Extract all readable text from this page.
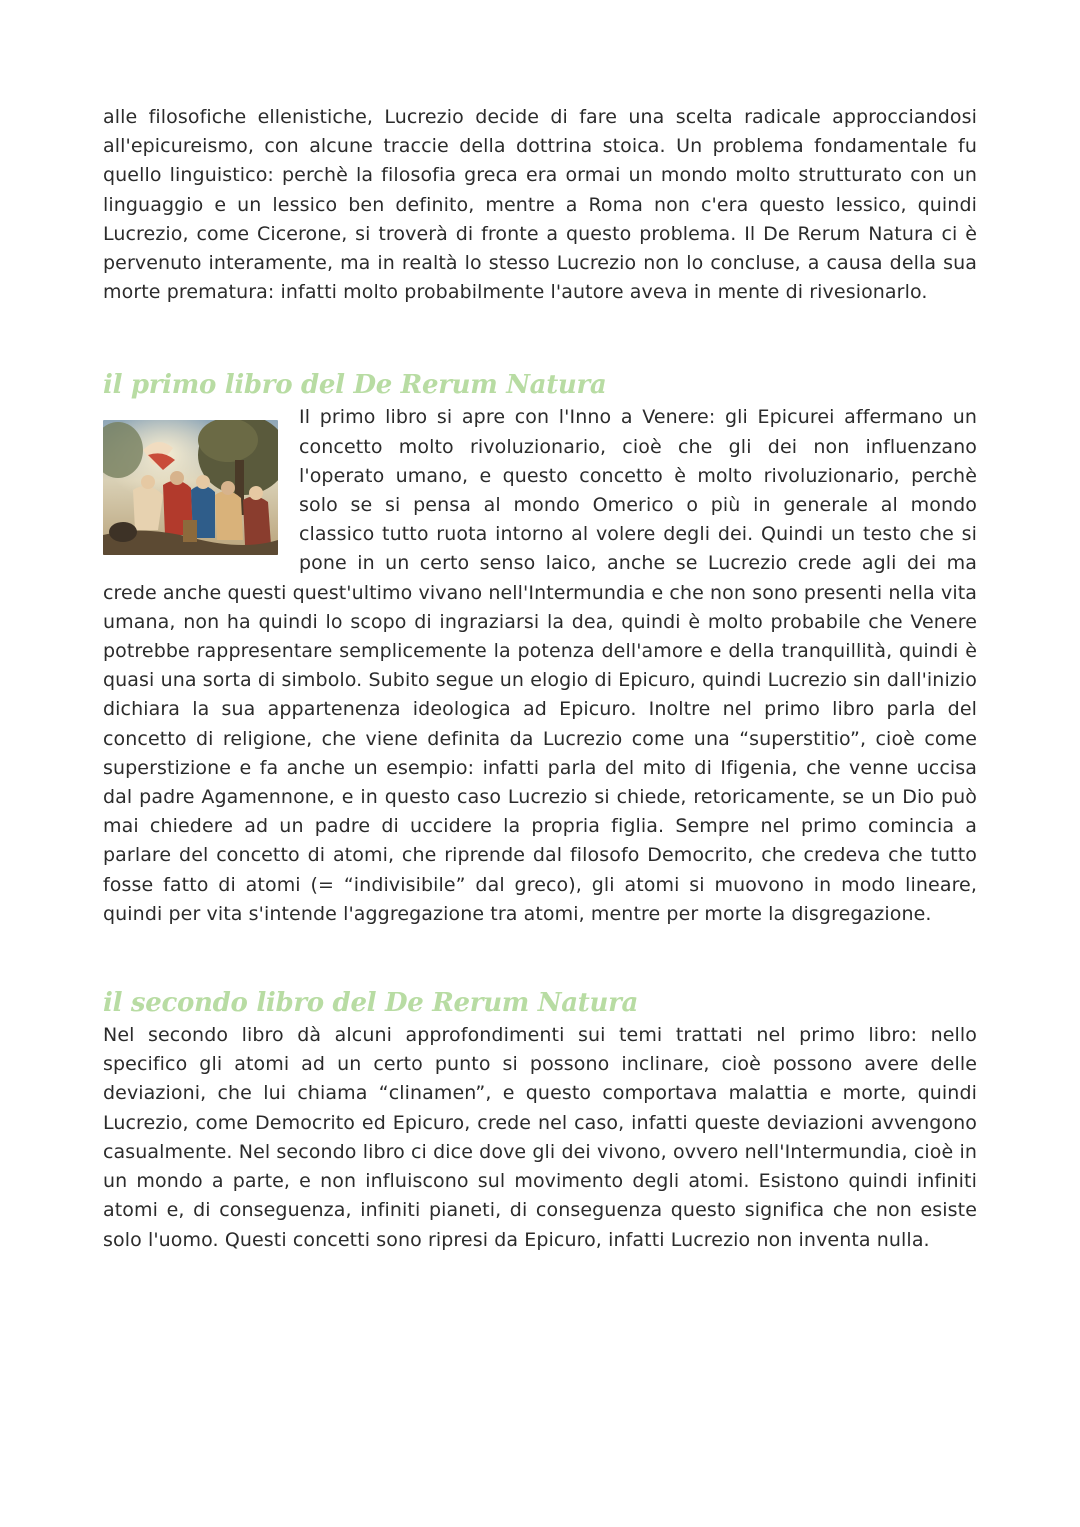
alle filosofiche ellenistiche, Lucrezio decide di fare una scelta radicale approcciandosi all'epicureismo, con alcune traccie della dottrina stoica. Un problema fondamentale fu quello linguistico: perchè la filosofia greca era ormai un mondo molto strutturato con un linguaggio e un lessico ben definito, mentre a Roma non c'era questo lessico, quindi Lucrezio, come Cicerone, si troverà di fronte a questo problema. Il De Rerum Natura ci è pervenuto interamente, ma in realtà lo stesso Lucrezio non lo concluse, a causa della sua morte prematura: infatti molto probabilmente l'autore aveva in mente di rivesionarlo.

il primo libro del De Rerum Natura

Il primo libro si apre con l'Inno a Venere: gli Epicurei affermano un concetto molto rivoluzionario, cioè che gli dei non influenzano l'operato umano, e questo concetto è molto rivoluzionario, perchè solo se si pensa al mondo Omerico o più in generale al mondo classico tutto ruota intorno al volere degli dei. Quindi un testo che si pone in un certo senso laico, anche se Lucrezio crede agli dei ma crede anche questi quest'ultimo vivano nell'Intermundia e che non sono presenti nella vita umana, non ha quindi lo scopo di ingraziarsi la dea, quindi è molto probabile che Venere potrebbe rappresentare semplicemente la potenza dell'amore e della tranquillità, quindi è quasi una sorta di simbolo. Subito segue un elogio di Epicuro, quindi Lucrezio sin dall'inizio dichiara la sua appartenenza ideologica ad Epicuro. Inoltre nel primo libro parla del concetto di religione, che viene definita da Lucrezio come una “superstitio”, cioè come superstizione e fa anche un esempio: infatti parla del mito di Ifigenia, che venne uccisa dal padre Agamennone, e in questo caso Lucrezio si chiede, retoricamente, se un Dio può mai chiedere ad un padre di uccidere la propria figlia. Sempre nel primo comincia a parlare del concetto di atomi, che riprende dal filosofo Democrito, che credeva che tutto fosse fatto di atomi (= “indivisibile” dal greco), gli atomi si muovono in modo lineare, quindi per vita s'intende l'aggregazione tra atomi, mentre per morte la disgregazione.

il secondo libro del De Rerum Natura

Nel secondo libro dà alcuni approfondimenti sui temi trattati nel primo libro: nello specifico gli atomi ad un certo punto si possono inclinare, cioè possono avere delle deviazioni, che lui chiama “clinamen”, e questo comportava malattia e morte, quindi Lucrezio, come Democrito ed Epicuro, crede nel caso, infatti queste deviazioni avvengono casualmente. Nel secondo libro ci dice dove gli dei vivono, ovvero nell'Intermundia, cioè in un mondo a parte, e non influiscono sul movimento degli atomi. Esistono quindi infiniti atomi e, di conseguenza, infiniti pianeti, di conseguenza questo significa che non esiste solo l'uomo. Questi concetti sono ripresi da Epicuro, infatti Lucrezio non inventa nulla.
